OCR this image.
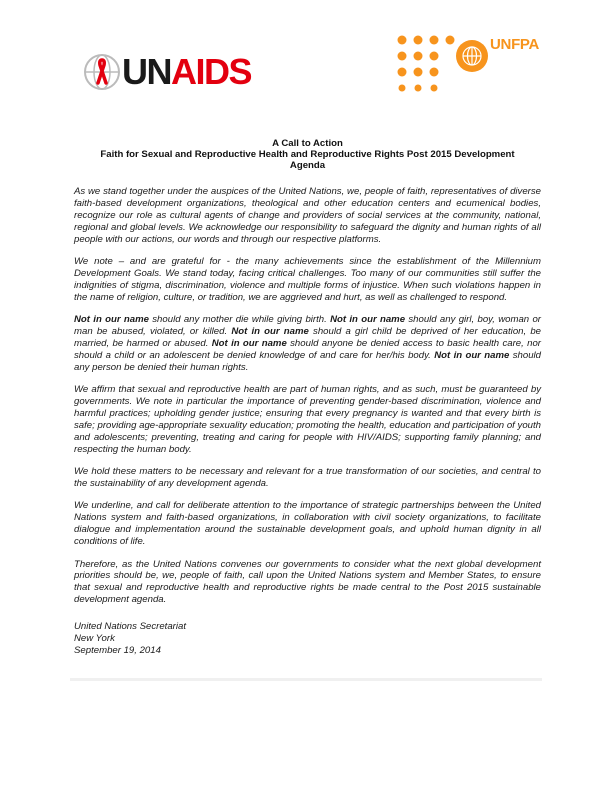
UN AIDS
UNFPA

A Call to Action

Faith for Sexual and Reproductive Health and Reproductive Rights Post 2015 Development

Agenda

As we stand together under the auspices of the United Nations, we, people of faith, representatives of diverse faith-based development organizations, theological and other education centers and ecumenical bodies, recognize our role as cultural agents of change and providers of social services at the community, national, regional and global levels. We acknowledge our responsibility to safeguard the dignity and human rights of all people with our actions, our words and through our respective platforms.

We note – and are grateful for - the many achievements since the establishment of the Millennium Development Goals. We stand today, facing critical challenges. Too many of our communities still suffer the indignities of stigma, discrimination, violence and multiple forms of injustice. When such violations happen in the name of religion, culture, or tradition, we are aggrieved and hurt, as well as challenged to respond.

Not in our name should any mother die while giving birth. Not in our name should any girl, boy, woman or man be abused, violated, or killed. Not in our name should a girl child be deprived of her education, be married, be harmed or abused. Not in our name should anyone be denied access to basic health care, nor should a child or an adolescent be denied knowledge of and care for her/his body. Not in our name should any person be denied their human rights.

We affirm that sexual and reproductive health are part of human rights, and as such, must be guaranteed by governments. We note in particular the importance of preventing gender-based discrimination, violence and harmful practices; upholding gender justice; ensuring that every pregnancy is wanted and that every birth is safe; providing age-appropriate sexuality education; promoting the health, education and participation of youth and adolescents; preventing, treating and caring for people with HIV/AIDS; supporting family planning; and respecting the human body.

We hold these matters to be necessary and relevant for a true transformation of our societies, and central to the sustainability of any development agenda.

We underline, and call for deliberate attention to the importance of strategic partnerships between the United Nations system and faith-based organizations, in collaboration with civil society organizations, to facilitate dialogue and implementation around the sustainable development goals, and uphold human dignity in all conditions of life.

Therefore, as the United Nations convenes our governments to consider what the next global development priorities should be, we, people of faith, call upon the United Nations system and Member States, to ensure that sexual and reproductive health and reproductive rights be made central to the Post 2015 sustainable development agenda.

United Nations Secretariat
New York
September 19, 2014
